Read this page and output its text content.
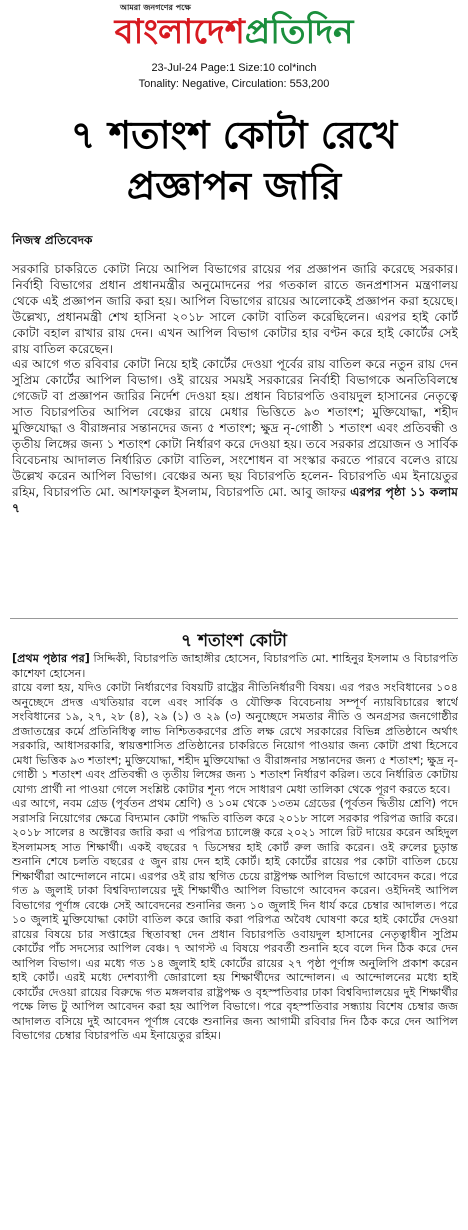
আমরা জনগণের পক্ষে
বাংলাদেশপ্রতিদিন
23-Jul-24 Page:1 Size:10 col*inch
Tonality: Negative, Circulation: 553,200
৭ শতাংশ কোটা রেখে
প্রজ্ঞাপন জারি
নিজস্ব প্রতিবেদক

সরকারি চাকরিতে কোটা নিয়ে আপিল বিভাগের রায়ের পর প্রজ্ঞাপন জারি করেছে সরকার। নির্বাহী বিভাগের প্রধান প্রধানমন্ত্রীর অনুমোদনের পর গতকাল রাতে জনপ্রশাসন মন্ত্রণালয় থেকে এই প্রজ্ঞাপন জারি করা হয়। আপিল বিভাগের রায়ের আলোকেই প্রজ্ঞাপন করা হয়েছে। উল্লেখ্য, প্রধানমন্ত্রী শেখ হাসিনা ২০১৮ সালে কোটা বাতিল করেছিলেন। এরপর হাই কোর্ট কোটা বহাল রাখার রায় দেন। এখন আপিল বিভাগ কোটার হার বণ্টন করে হাই কোর্টের সেই রায় বাতিল করেছেন।

এর আগে গত রবিবার কোটা নিয়ে হাই কোর্টের দেওয়া পূর্বের রায় বাতিল করে নতুন রায় দেন সুপ্রিম কোর্টের আপিল বিভাগ। ওই রায়ের সময়ই সরকারের নির্বাহী বিভাগকে অনতিবিলম্বে গেজেট বা প্রজ্ঞাপন জারির নির্দেশ দেওয়া হয়। প্রধান বিচারপতি ওবায়দুল হাসানের নেতৃত্বে সাত বিচারপতির আপিল বেঞ্চের রায়ে মেধার ভিত্তিতে ৯৩ শতাংশ; মুক্তিযোদ্ধা, শহীদ মুক্তিযোদ্ধা ও বীরাঙ্গনার সন্তানদের জন্য ৫ শতাংশ; ক্ষুদ্র নৃ-গোষ্ঠী ১ শতাংশ এবং প্রতিবন্ধী ও তৃতীয় লিঙ্গের জন্য ১ শতাংশ কোটা নির্ধারণ করে দেওয়া হয়। তবে সরকার প্রয়োজন ও সার্বিক বিবেচনায় আদালত নির্ধারিত কোটা বাতিল, সংশোধন বা সংস্কার করতে পারবে বলেও রায়ে উল্লেখ করেন আপিল বিভাগ। বেঞ্চের অন্য ছয় বিচারপতি হলেন- বিচারপতি এম ইনায়েতুর রহিম, বিচারপতি মো. আশফাকুল ইসলাম, বিচারপতি মো. আবু জাফর এরপর পৃষ্ঠা ১১ কলাম ৭

৭ শতাংশ কোটা

[প্রথম পৃষ্ঠার পর] সিদ্দিকী, বিচারপতি জাহাঙ্গীর হোসেন, বিচারপতি মো. শাহিনুর ইসলাম ও বিচারপতি কাশেফা হোসেন।

রায়ে বলা হয়, যদিও কোটা নির্ধারণের বিষয়টি রাষ্ট্রের নীতিনির্ধারণী বিষয়। এর পরও সংবিধানের ১০৪ অনুচ্ছেদে প্রদত্ত এখতিয়ার বলে এবং সার্বিক ও যৌক্তিক বিবেচনায় সম্পূর্ণ ন্যায়বিচারের স্বার্থে সংবিধানের ১৯, ২৭, ২৮ (৪), ২৯ (১) ও ২৯ (৩) অনুচ্ছেদে সমতার নীতি ও অনগ্রসর জনগোষ্ঠীর প্রজাতন্ত্রের কর্মে প্রতিনিধিত্ব লাভ নিশ্চিতকরণের প্রতি লক্ষ রেখে সরকারের বিভিন্ন প্রতিষ্ঠানে অর্থাৎ সরকারি, আধাসরকারি, স্বায়ত্তশাসিত প্রতিষ্ঠানের চাকরিতে নিয়োগ পাওয়ার জন্য কোটা প্রথা হিসেবে মেধা ভিত্তিক ৯৩ শতাংশ; মুক্তিযোদ্ধা, শহীদ মুক্তিযোদ্ধা ও বীরাঙ্গনার সন্তানদের জন্য ৫ শতাংশ; ক্ষুদ্র নৃ-গোষ্ঠী ১ শতাংশ এবং প্রতিবন্ধী ও তৃতীয় লিঙ্গের জন্য ১ শতাংশ নির্ধারণ করিল। তবে নির্ধারিত কোটায় যোগ্য প্রার্থী না পাওয়া গেলে সংশ্লিষ্ট কোটার শূন্য পদে সাধারণ মেধা তালিকা থেকে পূরণ করতে হবে।

এর আগে, নবম গ্রেড (পূর্বতন প্রথম শ্রেণি) ও ১০ম থেকে ১৩তম গ্রেডের (পূর্বতন দ্বিতীয় শ্রেণি) পদে সরাসরি নিয়োগের ক্ষেত্রে বিদ্যমান কোটা পদ্ধতি বাতিল করে ২০১৮ সালে সরকার পরিপত্র জারি করে। ২০১৮ সালের ৪ অক্টোবর জারি করা এ পরিপত্র চ্যালেঞ্জ করে ২০২১ সালে রিট দায়ের করেন অহিদুল ইসলামসহ সাত শিক্ষার্থী। একই বছরের ৭ ডিসেম্বর হাই কোর্ট রুল জারি করেন। ওই রুলের চূড়ান্ত শুনানি শেষে চলতি বছরের ৫ জুন রায় দেন হাই কোর্ট। হাই কোর্টের রায়ের পর কোটা বাতিল চেয়ে শিক্ষার্থীরা আন্দোলনে নামে। এরপর ওই রায় স্থগিত চেয়ে রাষ্ট্রপক্ষ আপিল বিভাগে আবেদন করে। পরে গত ৯ জুলাই ঢাকা বিশ্ববিদ্যালয়ের দুই শিক্ষার্থীও আপিল বিভাগে আবেদন করেন। ওইদিনই আপিল বিভাগের পূর্ণাঙ্গ বেঞ্চে সেই আবেদনের শুনানির জন্য ১০ জুলাই দিন ধার্য করে চেম্বার আদালত। পরে ১০ জুলাই মুক্তিযোদ্ধা কোটা বাতিল করে জারি করা পরিপত্র অবৈধ ঘোষণা করে হাই কোর্টের দেওয়া রায়ের বিষয়ে চার সপ্তাহের স্থিতাবস্থা দেন প্রধান বিচারপতি ওবায়দুল হাসানের নেতৃত্বাধীন সুপ্রিম কোর্টের পাঁচ সদস্যের আপিল বেঞ্চ। ৭ আগস্ট এ বিষয়ে পরবর্তী শুনানি হবে বলে দিন ঠিক করে দেন আপিল বিভাগ। এর মধ্যে গত ১৪ জুলাই হাই কোর্টের রায়ের ২৭ পৃষ্ঠা পূর্ণাঙ্গ অনুলিপি প্রকাশ করেন হাই কোর্ট। এরই মধ্যে দেশব্যাপী জোরালো হয় শিক্ষার্থীদের আন্দোলন। এ আন্দোলনের মধ্যে হাই কোর্টের দেওয়া রায়ের বিরুদ্ধে গত মঙ্গলবার রাষ্ট্রপক্ষ ও বৃহস্পতিবার ঢাকা বিশ্ববিদ্যালয়ের দুই শিক্ষার্থীর পক্ষে লিভ টু আপিল আবেদন করা হয় আপিল বিভাগে। পরে বৃহস্পতিবার সন্ধ্যায় বিশেষ চেম্বার জজ আদালত বসিয়ে দুই আবেদন পূর্ণাঙ্গ বেঞ্চে শুনানির জন্য আগামী রবিবার দিন ঠিক করে দেন আপিল বিভাগের চেম্বার বিচারপতি এম ইনায়েতুর রহিম।
